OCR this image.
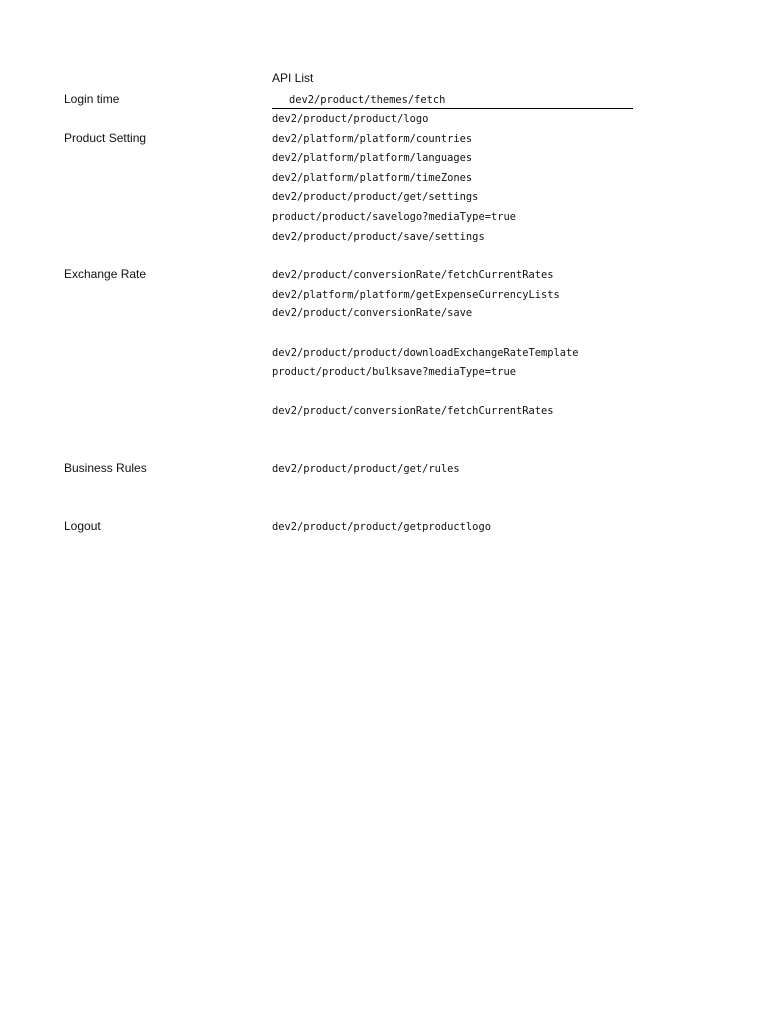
Login time
Product Setting
Exchange Rate
Business Rules
Logout
API List
dev2/product/themes/fetch
dev2/product/product/logo
dev2/platform/platform/countries
dev2/platform/platform/languages
dev2/platform/platform/timeZones
dev2/product/product/get/settings
product/product/savelogo?mediaType=true
dev2/product/product/save/settings
dev2/product/conversionRate/fetchCurrentRates
dev2/platform/platform/getExpenseCurrencyLists
dev2/product/conversionRate/save
dev2/product/product/downloadExchangeRateTemplate
product/product/bulksave?mediaType=true
dev2/product/conversionRate/fetchCurrentRates
dev2/product/product/get/rules
dev2/product/product/getproductlogo
